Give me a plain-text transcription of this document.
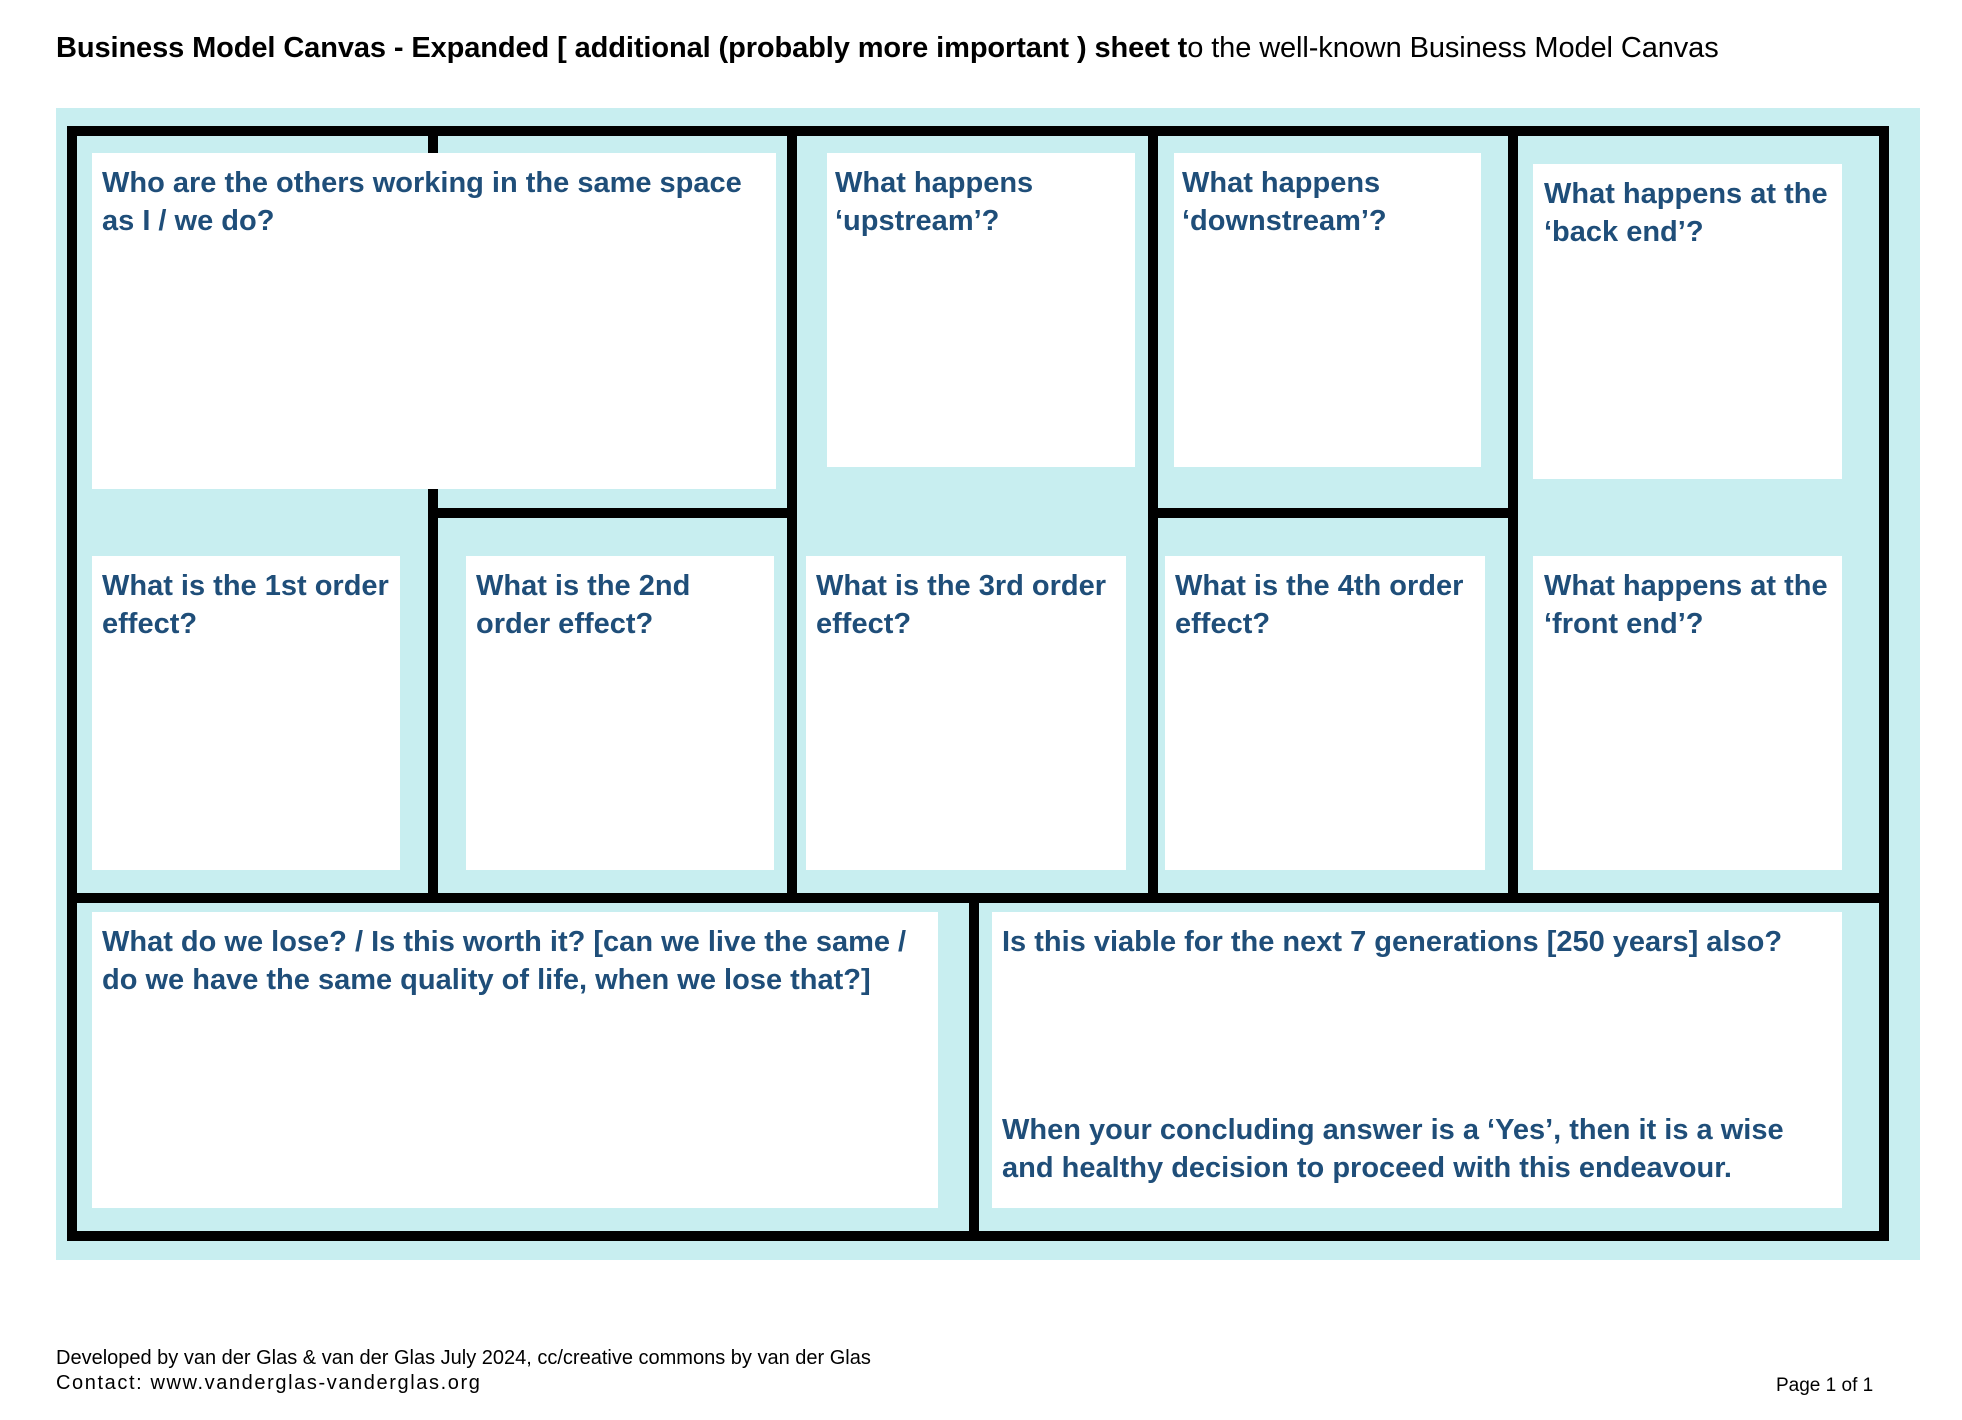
Business Model Canvas - Expanded [ additional (probably more important ) sheet to the well-known Business Model Canvas
Who are the others working in the same space as I / we do?
What happens ‘upstream’?
What happens ‘downstream’?
What happens at the ‘back end’?
What is the 1st order effect?
What is the 2nd order effect?
What is the 3rd order effect?
What is the 4th order effect?
What happens at the ‘front end’?
What do we lose? / Is this worth it? [can we live the same / do we have the same quality of life, when we lose that?]
Is this viable for the next 7 generations [250 years] also?
When your concluding answer is a ‘Yes’, then it is a wise and healthy decision to proceed with this endeavour.
Developed by van der Glas & van der Glas July 2024, cc/creative commons by van der Glas
Contact: www.vanderglas-vanderglas.org	Page 1 of 1
